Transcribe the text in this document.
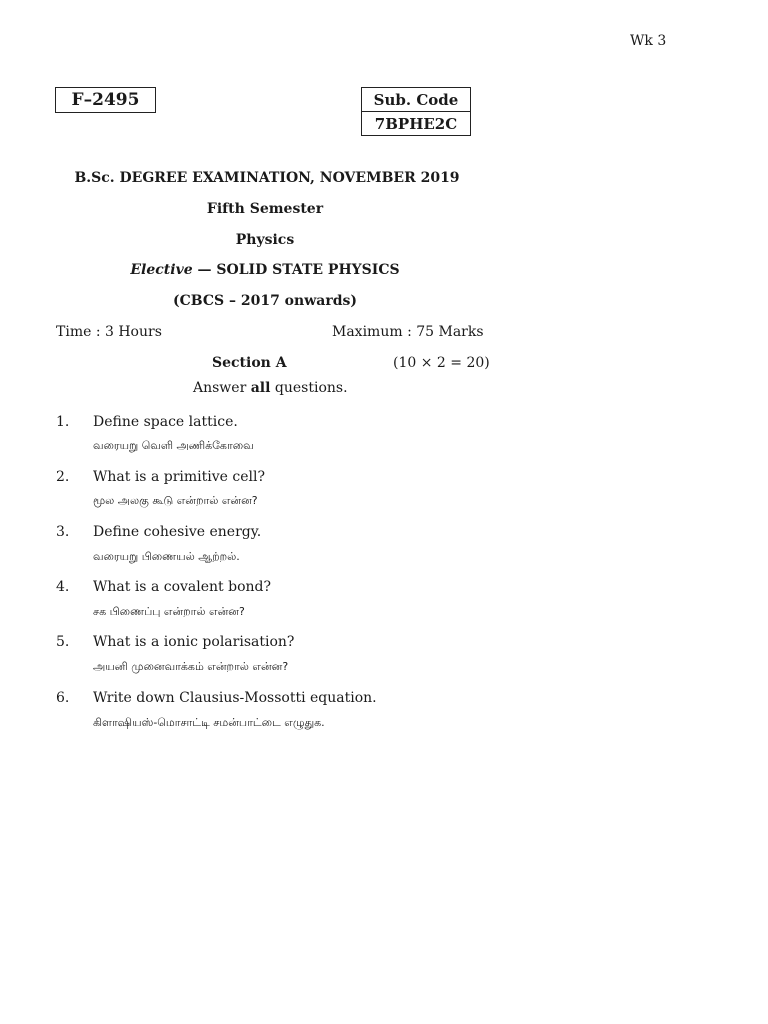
Wk 3
F–2495	Sub. Code
7BPHE2C
B.Sc. DEGREE EXAMINATION, NOVEMBER 2019
Fifth Semester
Physics
Elective — SOLID STATE PHYSICS
(CBCS – 2017 onwards)
Time : 3 Hours	Maximum : 75 Marks
Section A	(10 × 2 = 20)
Answer all questions.
1. Define space lattice.
வரையறு வெளி அணிக்கோவை
2. What is a primitive cell?
மூல அலகு கூடு என்றால் என்ன?
3. Define cohesive energy.
வரையறு பிணையல் ஆற்றல்.
4. What is a covalent bond?
சக பிணைப்பு என்றால் என்ன?
5. What is a ionic polarisation?
அயனி முனைவாக்கம் என்றால் என்ன?
6. Write down Clausius-Mossotti equation.
கிளாஷியஸ்-மொசாட்டி சமன்பாட்டை எழுதுக.
